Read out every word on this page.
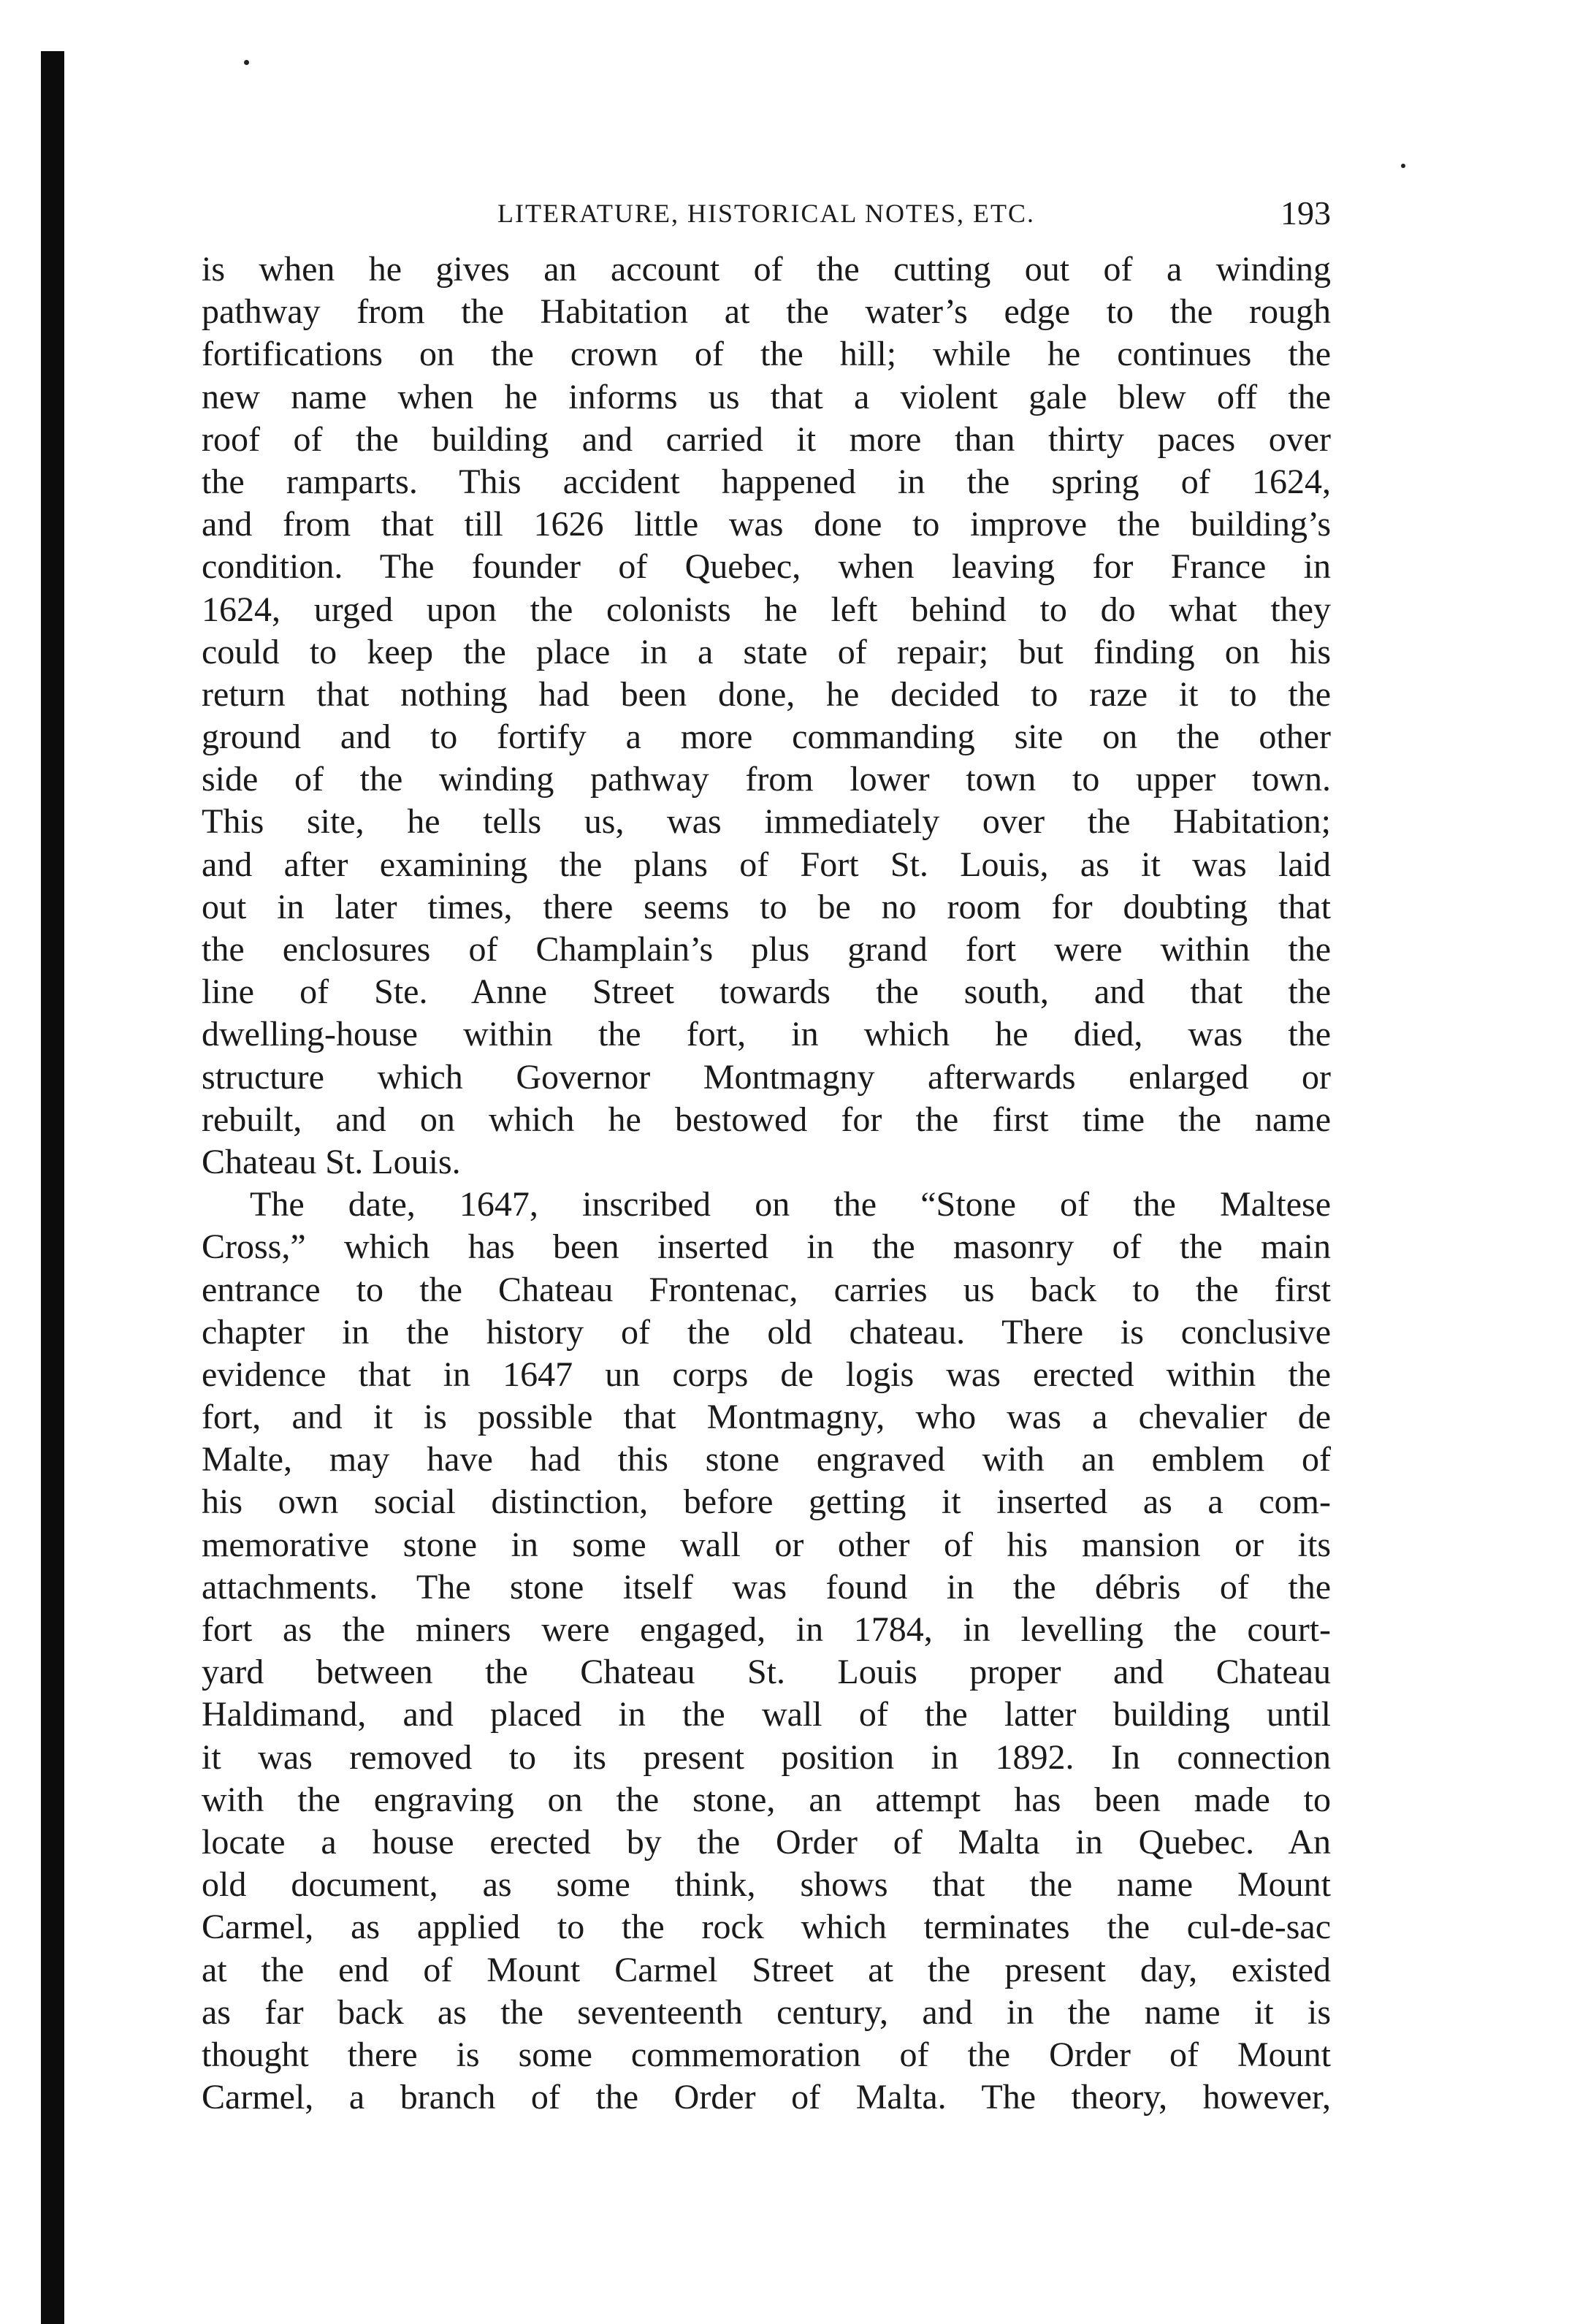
LITERATURE, HISTORICAL NOTES, ETC.	193
is when he gives an account of the cutting out of a winding
pathway from the Habitation at the water’s edge to the rough
fortifications on the crown of the hill; while he continues the
new name when he informs us that a violent gale blew off the
roof of the building and carried it more than thirty paces over
the ramparts. This accident happened in the spring of 1624,
and from that till 1626 little was done to improve the building’s
condition. The founder of Quebec, when leaving for France in
1624, urged upon the colonists he left behind to do what they
could to keep the place in a state of repair; but finding on his
return that nothing had been done, he decided to raze it to the
ground and to fortify a more commanding site on the other
side of the winding pathway from lower town to upper town.
This site, he tells us, was immediately over the Habitation;
and after examining the plans of Fort St. Louis, as it was laid
out in later times, there seems to be no room for doubting that
the enclosures of Champlain’s plus grand fort were within the
line of Ste. Anne Street towards the south, and that the
dwelling-house within the fort, in which he died, was the
structure which Governor Montmagny afterwards enlarged or
rebuilt, and on which he bestowed for the first time the name
Chateau St. Louis.
The date, 1647, inscribed on the “Stone of the Maltese
Cross,” which has been inserted in the masonry of the main
entrance to the Chateau Frontenac, carries us back to the first
chapter in the history of the old chateau. There is conclusive
evidence that in 1647 un corps de logis was erected within the
fort, and it is possible that Montmagny, who was a chevalier de
Malte, may have had this stone engraved with an emblem of
his own social distinction, before getting it inserted as a com-
memorative stone in some wall or other of his mansion or its
attachments. The stone itself was found in the débris of the
fort as the miners were engaged, in 1784, in levelling the court-
yard between the Chateau St. Louis proper and Chateau
Haldimand, and placed in the wall of the latter building until
it was removed to its present position in 1892. In connection
with the engraving on the stone, an attempt has been made to
locate a house erected by the Order of Malta in Quebec. An
old document, as some think, shows that the name Mount
Carmel, as applied to the rock which terminates the cul-de-sac
at the end of Mount Carmel Street at the present day, existed
as far back as the seventeenth century, and in the name it is
thought there is some commemoration of the Order of Mount
Carmel, a branch of the Order of Malta. The theory, however,
